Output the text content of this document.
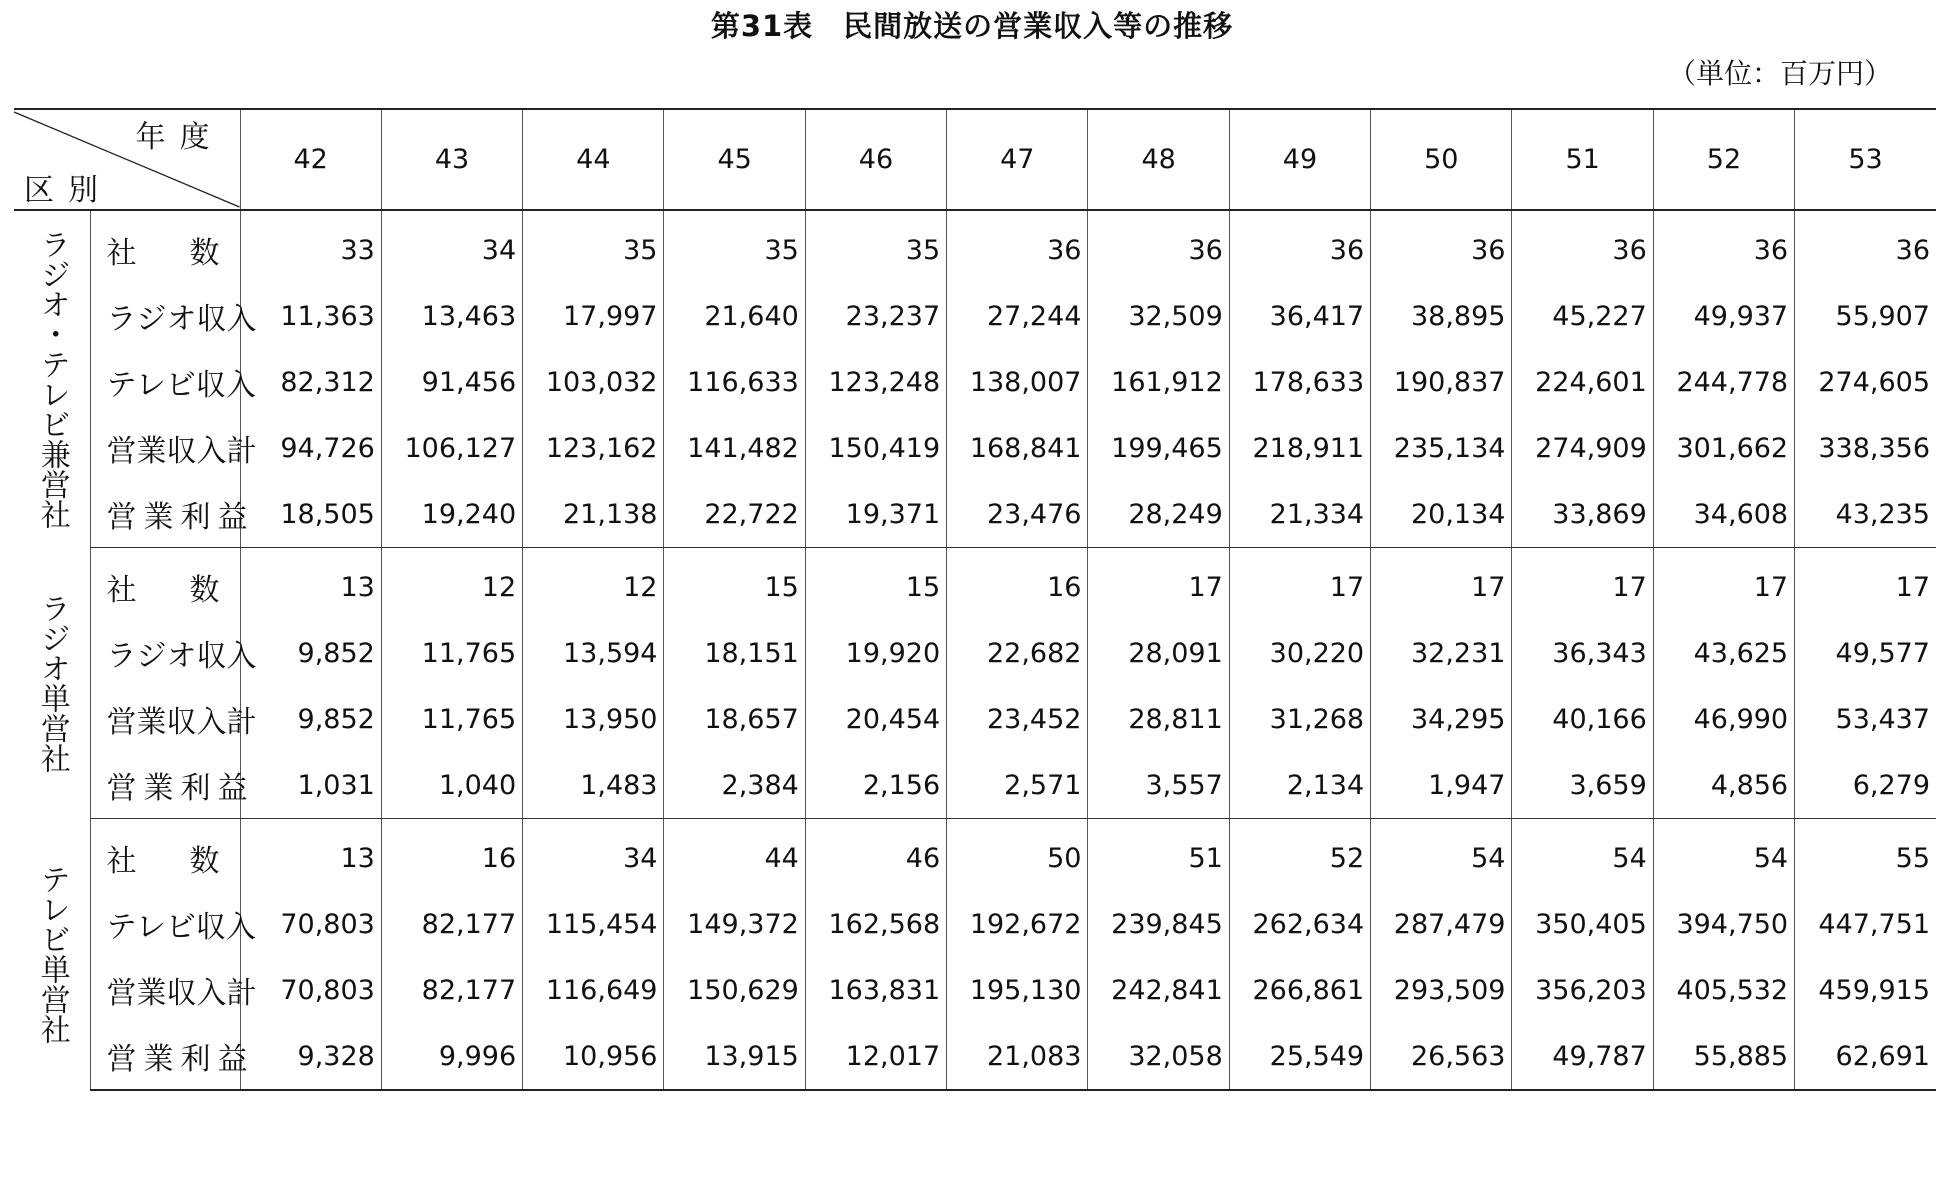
第31表　民間放送の営業収入等の推移
（単位：百万円）
年度
区別		42	43	44	45	46	47	48	49	50	51	52	53
ラジオ・テレビ兼営社	社 数	33	34	35	35	35	36	36	36	36	36	36	36
	ラジオ収入	11,363	13,463	17,997	21,640	23,237	27,244	32,509	36,417	38,895	45,227	49,937	55,907
	テレビ収入	82,312	91,456	103,032	116,633	123,248	138,007	161,912	178,633	190,837	224,601	244,778	274,605
	営業収入計	94,726	106,127	123,162	141,482	150,419	168,841	199,465	218,911	235,134	274,909	301,662	338,356
	営業利益	18,505	19,240	21,138	22,722	19,371	23,476	28,249	21,334	20,134	33,869	34,608	43,235
ラジオ単営社	社 数	13	12	12	15	15	16	17	17	17	17	17	17
	ラジオ収入	9,852	11,765	13,594	18,151	19,920	22,682	28,091	30,220	32,231	36,343	43,625	49,577
	営業収入計	9,852	11,765	13,950	18,657	20,454	23,452	28,811	31,268	34,295	40,166	46,990	53,437
	営業利益	1,031	1,040	1,483	2,384	2,156	2,571	3,557	2,134	1,947	3,659	4,856	6,279
テレビ単営社	社 数	13	16	34	44	46	50	51	52	54	54	54	55
	テレビ収入	70,803	82,177	115,454	149,372	162,568	192,672	239,845	262,634	287,479	350,405	394,750	447,751
	営業収入計	70,803	82,177	116,649	150,629	163,831	195,130	242,841	266,861	293,509	356,203	405,532	459,915
	営業利益	9,328	9,996	10,956	13,915	12,017	21,083	32,058	25,549	26,563	49,787	55,885	62,691
